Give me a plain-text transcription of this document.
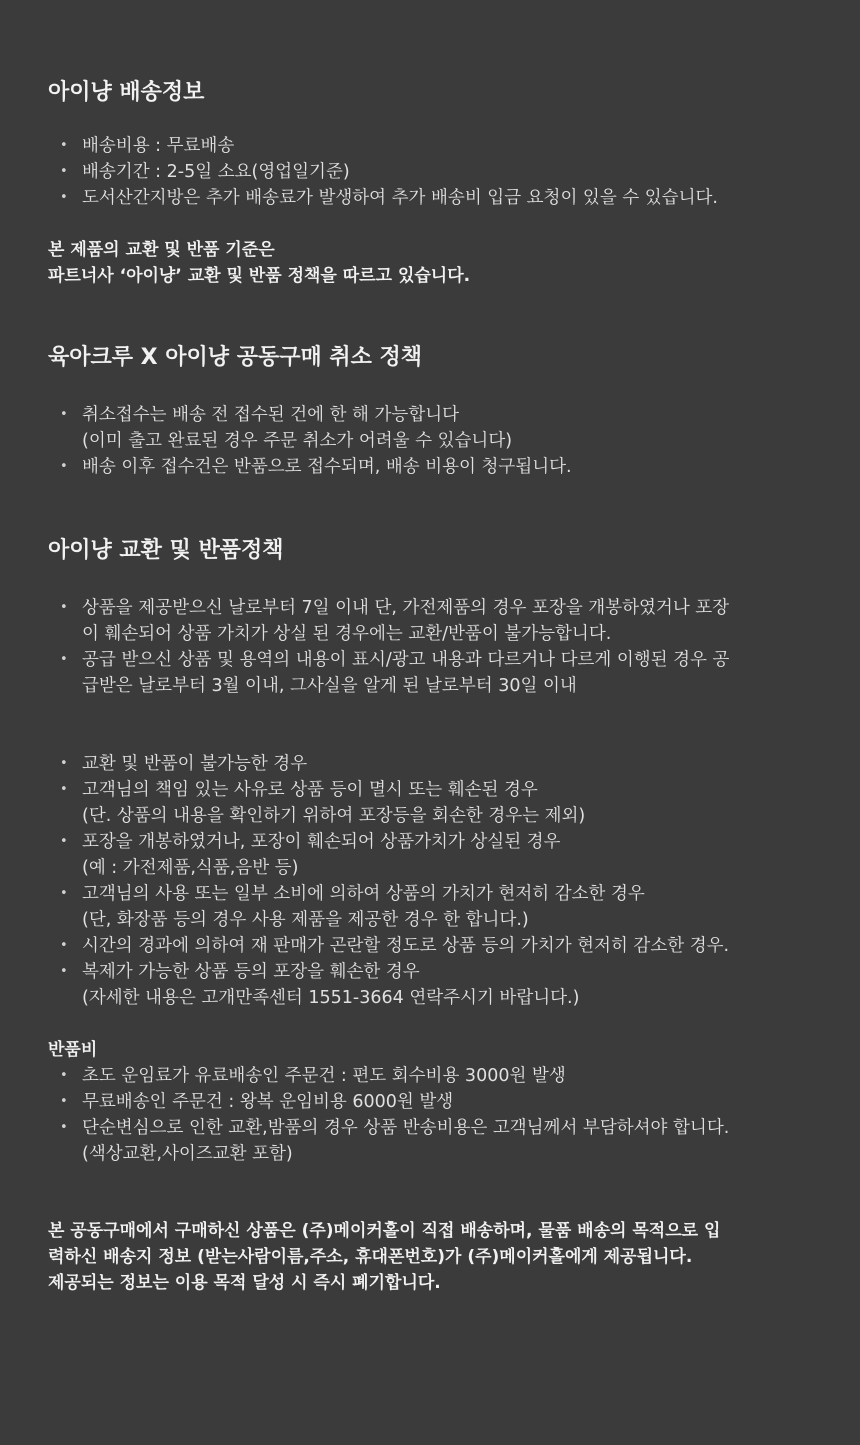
아이냥 배송정보
• 배송비용 : 무료배송
• 배송기간 : 2-5일 소요(영업일기준)
• 도서산간지방은 추가 배송료가 발생하여 추가 배송비 입금 요청이 있을 수 있습니다.

본 제품의 교환 및 반품 기준은
파트너사 ‘아이냥’ 교환 및 반품 정책을 따르고 있습니다.

육아크루 X 아이냥 공동구매 취소 정책
• 취소접수는 배송 전 접수된 건에 한 해 가능합니다
(이미 출고 완료된 경우 주문 취소가 어려울 수 있습니다)
• 배송 이후 접수건은 반품으로 접수되며, 배송 비용이 청구됩니다.
아이냥 교환 및 반품정책
• 상품을 제공받으신 날로부터 7일 이내 단, 가전제품의 경우 포장을 개봉하였거나 포장
이 훼손되어 상품 가치가 상실 된 경우에는 교환/반품이 불가능합니다.
• 공급 받으신 상품 및 용역의 내용이 표시/광고 내용과 다르거나 다르게 이행된 경우 공
급받은 날로부터 3월 이내, 그사실을 알게 된 날로부터 30일 이내
• 교환 및 반품이 불가능한 경우
• 고객님의 책임 있는 사유로 상품 등이 멸시 또는 훼손된 경우
(단. 상품의 내용을 확인하기 위하여 포장등을 회손한 경우는 제외)
• 포장을 개봉하였거나, 포장이 훼손되어 상품가치가 상실된 경우
(예 : 가전제품,식품,음반 등)
• 고객님의 사용 또는 일부 소비에 의하여 상품의 가치가 현저히 감소한 경우
(단, 화장품 등의 경우 사용 제품을 제공한 경우 한 합니다.)
• 시간의 경과에 의하여 재 판매가 곤란할 정도로 상품 등의 가치가 현저히 감소한 경우.
• 복제가 가능한 상품 등의 포장을 훼손한 경우
(자세한 내용은 고개만족센터 1551-3664 연락주시기 바랍니다.)

반품비

• 초도 운임료가 유료배송인 주문건 : 편도 회수비용 3000원 발생
• 무료배송인 주문건 : 왕복 운임비용 6000원 발생
• 단순변심으로 인한 교환,밤품의 경우 상품 반송비용은 고객님께서 부담하셔야 합니다.
(색상교환,사이즈교환 포함)

본 공동구매에서 구매하신 상품은 (주)메이커홀이 직접 배송하며, 물품 배송의 목적으로 입
력하신 배송지 정보 (받는사람이름,주소, 휴대폰번호)가 (주)메이커홀에게 제공됩니다.
제공되는 정보는 이용 목적 달성 시 즉시 폐기합니다.
